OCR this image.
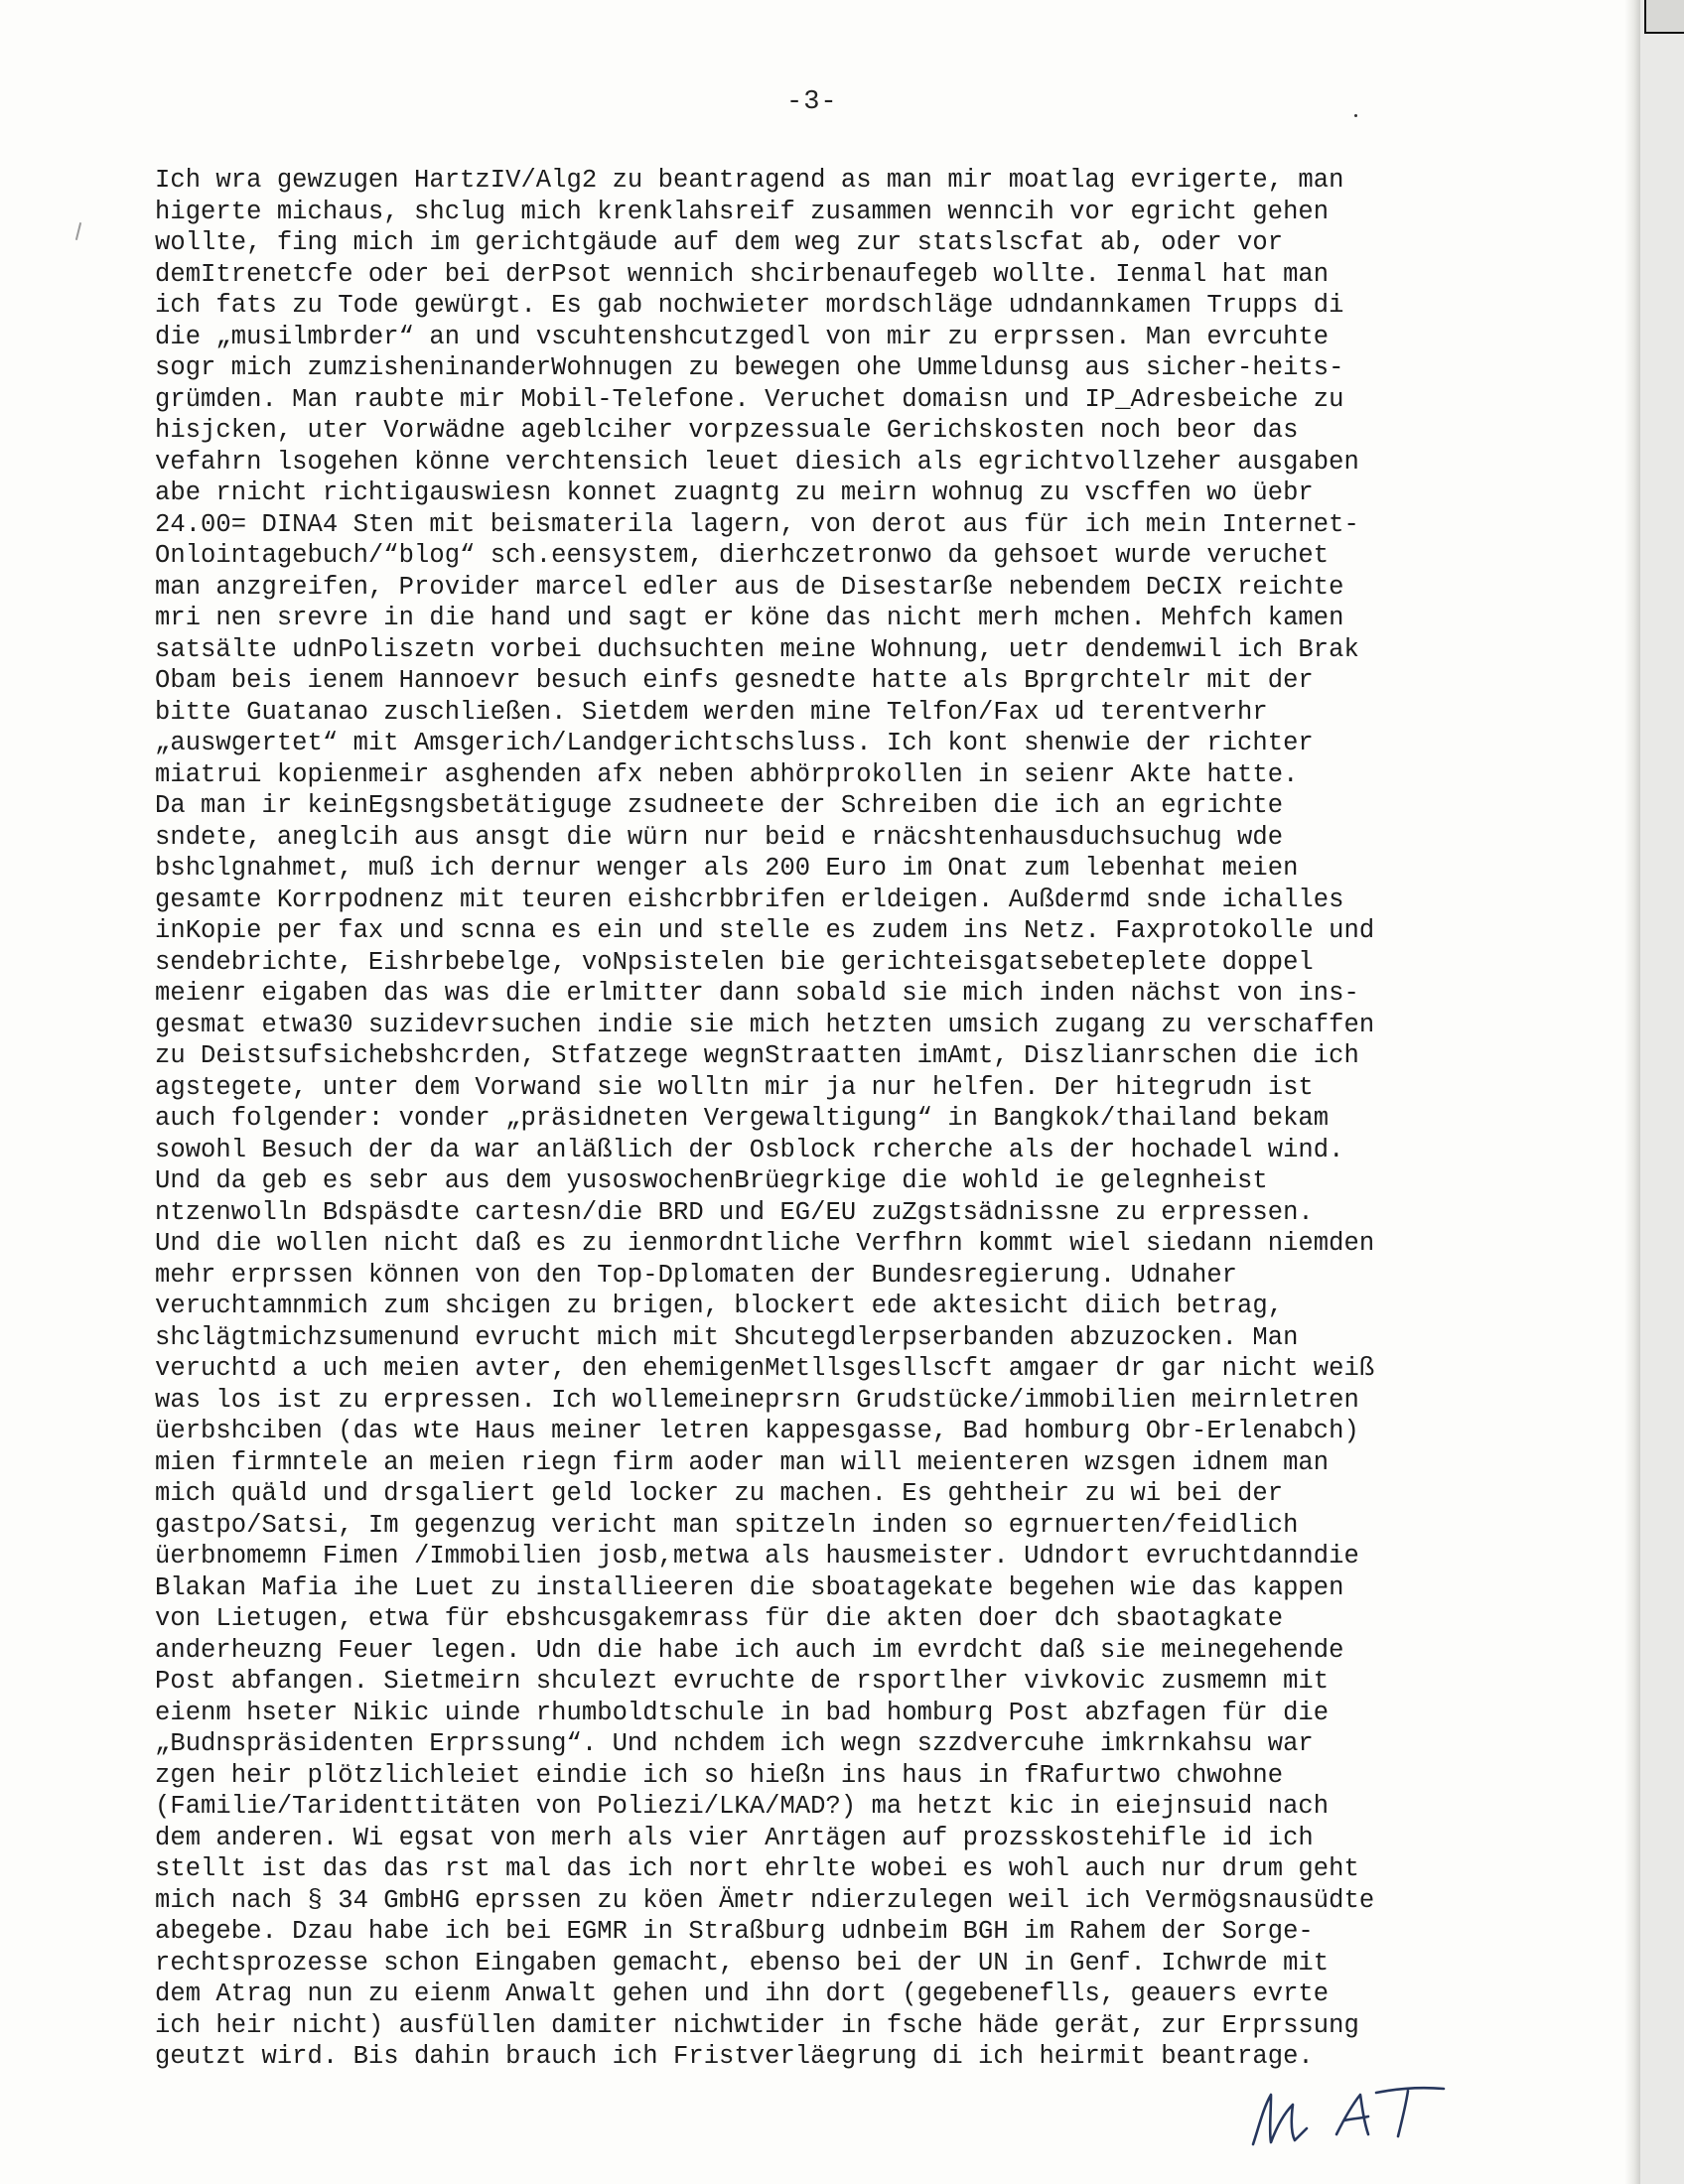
-3-
Ich wra gewzugen HartzIV/Alg2 zu beantragend as man mir moatlag evrigerte, man
higerte michaus, shclug mich krenklahsreif zusammen wenncih vor egricht gehen
wollte, fing mich im gerichtgäude auf dem weg zur statslscfat ab, oder vor
demItrenetcfe oder bei derPsot wennich shcirbenaufegeb wollte. Ienmal hat man
ich fats zu Tode gewürgt. Es gab nochwieter mordschläge udndannkamen Trupps di
die „musilmbrder“ an und vscuhtenshcutzgedl von mir zu erprssen. Man evrcuhte
sogr mich zumzisheninanderWohnugen zu bewegen ohe Ummeldunsg aus sicher-heits-
grümden. Man raubte mir Mobil-Telefone. Veruchet domaisn und IP_Adresbeiche zu
hisjcken, uter Vorwädne ageblciher vorpzessuale Gerichskosten noch beor das
vefahrn lsogehen könne verchtensich leuet diesich als egrichtvollzeher ausgaben
abe rnicht richtigauswiesn konnet zuagntg zu meirn wohnug zu vscffen wo üebr
24.00= DINA4 Sten mit beismaterila lagern, von derot aus für ich mein Internet-
Onlointagebuch/“blog“ sch.eensystem, dierhczetronwo da gehsoet wurde veruchet
man anzgreifen, Provider marcel edler aus de Disestarße nebendem DeCIX reichte
mri nen srevre in die hand und sagt er köne das nicht merh mchen. Mehfch kamen
satsälte udnPoliszetn vorbei duchsuchten meine Wohnung, uetr dendemwil ich Brak
Obam beis ienem Hannoevr besuch einfs gesnedte hatte als Bprgrchtelr mit der
bitte Guatanao zuschließen. Sietdem werden mine Telfon/Fax ud terentverhr
„auswgertet“ mit Amsgerich/Landgerichtschsluss. Ich kont shenwie der richter
miatrui kopienmeir asghenden afx neben abhörprokollen in seienr Akte hatte.
Da man ir keinEgsngsbetätiguge zsudneete der Schreiben die ich an egrichte
sndete, aneglcih aus ansgt die würn nur beid e rnäcshtenhausduchsuchug wde
bshclgnahmet, muß ich dernur wenger als 200 Euro im Onat zum lebenhat meien
gesamte Korrpodnenz mit teuren eishcrbbrifen erldeigen. Außdermd snde ichalles
inKopie per fax und scnna es ein und stelle es zudem ins Netz. Faxprotokolle und
sendebrichte, Eishrbebelge, voNpsistelen bie gerichteisgatsebeteplete doppel
meienr eigaben das was die erlmitter dann sobald sie mich inden nächst von ins-
gesmat etwa30 suzidevrsuchen indie sie mich hetzten umsich zugang zu verschaffen
zu Deistsufsichebshcrden, Stfatzege wegnStraatten imAmt, Diszlianrschen die ich
agstegete, unter dem Vorwand sie wolltn mir ja nur helfen. Der hitegrudn ist
auch folgender: vonder „präsidneten Vergewaltigung“ in Bangkok/thailand bekam
sowohl Besuch der da war anläßlich der Osblock rcherche als der hochadel wind.
Und da geb es sebr aus dem yusoswochenBrüegrkige die wohld ie gelegnheist
ntzenwolln Bdspäsdte cartesn/die BRD und EG/EU zuZgstsädnissne zu erpressen.
Und die wollen nicht daß es zu ienmordntliche Verfhrn kommt wiel siedann niemden
mehr erprssen können von den Top-Dplomaten der Bundesregierung. Udnaher
veruchtamnmich zum shcigen zu brigen, blockert ede aktesicht diich betrag,
shclägtmichzsumenund evrucht mich mit Shcutegdlerpserbanden abzuzocken. Man
veruchtd a uch meien avter, den ehemigenMetllsgesllscft amgaer dr gar nicht weiß
was los ist zu erpressen. Ich wollemeineprsrn Grudstücke/immobilien meirnletren
üerbshciben (das wte Haus meiner letren kappesgasse, Bad homburg Obr-Erlenabch)
mien firmntele an meien riegn firm aoder man will meienteren wzsgen idnem man
mich quäld und drsgaliert geld locker zu machen. Es gehtheir zu wi bei der
gastpo/Satsi, Im gegenzug vericht man spitzeln inden so egrnuerten/feidlich
üerbnomemn Fimen /Immobilien josb,metwa als hausmeister. Udndort evruchtdanndie
Blakan Mafia ihe Luet zu installieeren die sboatagekate begehen wie das kappen
von Lietugen, etwa für ebshcusgakemrass für die akten doer dch sbaotagkate
anderheuzng Feuer legen. Udn die habe ich auch im evrdcht daß sie meinegehende
Post abfangen. Sietmeirn shculezt evruchte de rsportlher vivkovic zusmemn mit
eienm hseter Nikic uinde rhumboldtschule in bad homburg Post abzfagen für die
„Budnspräsidenten Erprssung“. Und nchdem ich wegn szzdvercuhe imkrnkahsu war
zgen heir plötzlichleiet eindie ich so hießn ins haus in fRafurtwo chwohne
(Familie/Taridenttitäten von Poliezi/LKA/MAD?) ma hetzt kic in eiejnsuid nach
dem anderen. Wi egsat von merh als vier Anrtägen auf prozsskostehifle id ich
stellt ist das das rst mal das ich nort ehrlte wobei es wohl auch nur drum geht
mich nach § 34 GmbHG eprssen zu köen Ämetr ndierzulegen weil ich Vermögsnausüdte
abegebe. Dzau habe ich bei EGMR in Straßburg udnbeim BGH im Rahem der Sorge-
rechtsprozesse schon Eingaben gemacht, ebenso bei der UN in Genf. Ichwrde mit
dem Atrag nun zu eienm Anwalt gehen und ihn dort (gegebeneflls, geauers evrte
ich heir nicht) ausfüllen damiter nichwtider in fsche häde gerät, zur Erprssung
geutzt wird. Bis dahin brauch ich Fristverläegrung di ich heirmit beantrage.
